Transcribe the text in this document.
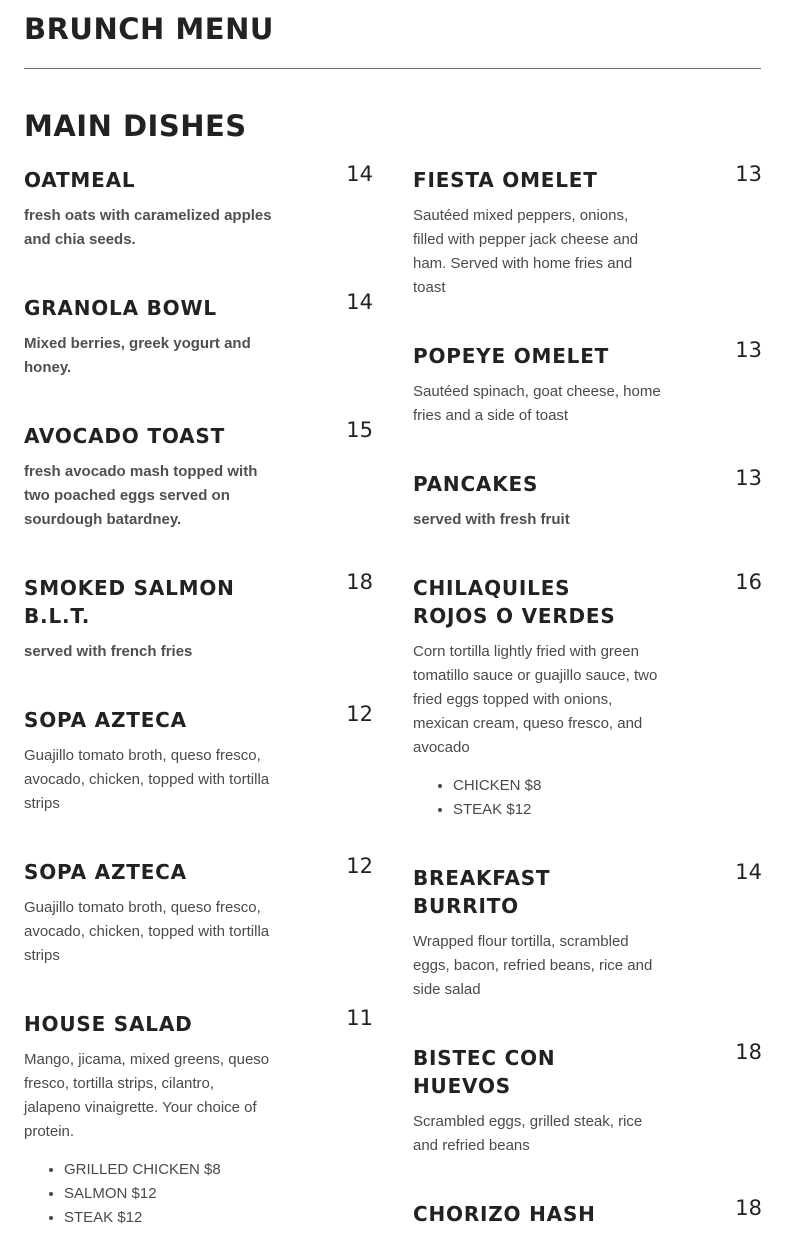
BRUNCH MENU
MAIN DISHES
OATMEAL	14

fresh oats with caramelized apples and chia seeds.

GRANOLA BOWL	14

Mixed berries, greek yogurt and honey.

AVOCADO TOAST	15

fresh avocado mash topped with two poached eggs served on sourdough batardney.

SMOKED SALMON B.L.T.
18

served with french fries

SOPA AZTECA	12

Guajillo tomato broth, queso fresco, avocado, chicken, topped with tortilla strips

SOPA AZTECA	12

Guajillo tomato broth, queso fresco, avocado, chicken, topped with tortilla strips

HOUSE SALAD	11

Mango, jicama, mixed greens, queso fresco, tortilla strips, cilantro, jalapeno vinaigrette. Your choice of protein.

• GRILLED CHICKEN $8
• SALMON $12
• STEAK $12
FIESTA OMELET	13

Sautéed mixed peppers, onions, filled with pepper jack cheese and ham. Served with home fries and toast

POPEYE OMELET	13

Sautéed spinach, goat cheese, home fries and a side of toast

PANCAKES	13

served with fresh fruit

CHILAQUILES ROJOS O VERDES
16

Corn tortilla lightly fried with green tomatillo sauce or guajillo sauce, two fried eggs topped with onions, mexican cream, queso fresco, and avocado

• CHICKEN $8
• STEAK $12
BREAKFAST BURRITO
14

Wrapped flour tortilla, scrambled eggs, bacon, refried beans, rice and side salad

BISTEC CON HUEVOS
18

Scrambled eggs, grilled steak, rice and refried beans

CHORIZO HASH	18
